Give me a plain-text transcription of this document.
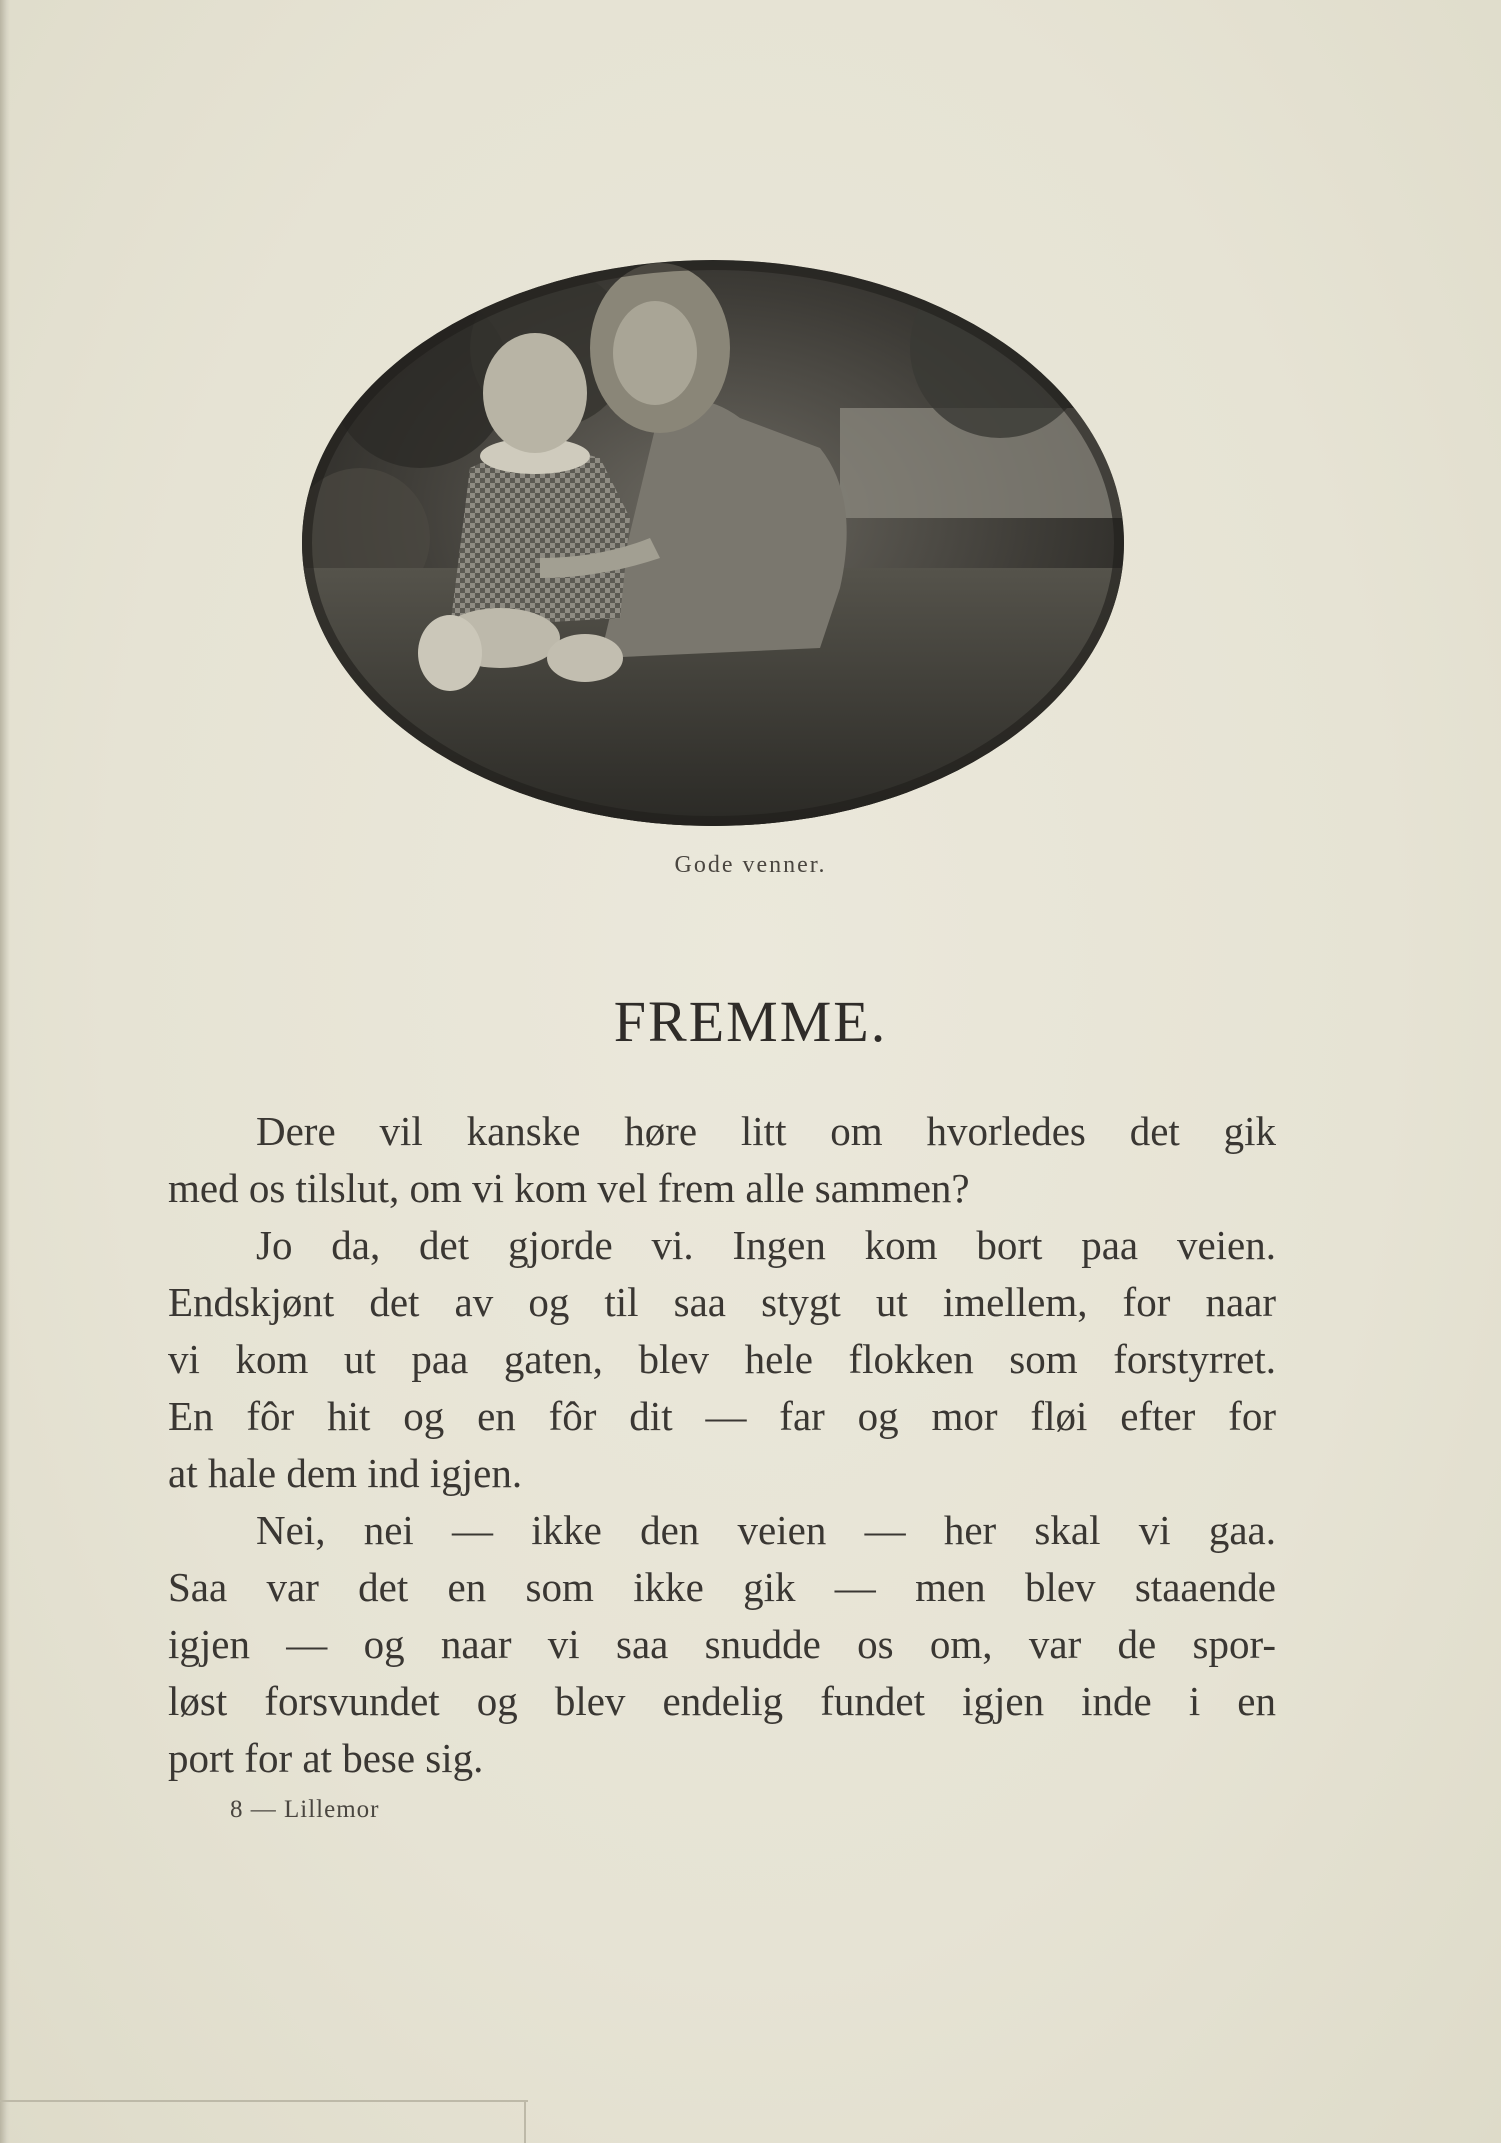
Gode venner.
FREMME.

Dere vil kanske høre litt om hvorledes det gik
med os tilslut, om vi kom vel frem alle sammen?

Jo da, det gjorde vi. Ingen kom bort paa veien.
Endskjønt det av og til saa stygt ut imellem, for naar
vi kom ut paa gaten, blev hele flokken som forstyrret.
En fôr hit og en fôr dit — far og mor fløi efter for
at hale dem ind igjen.

Nei, nei — ikke den veien — her skal vi gaa.
Saa var det en som ikke gik — men blev staaende
igjen — og naar vi saa snudde os om, var de spor-
løst forsvundet og blev endelig fundet igjen inde i en
port for at bese sig.

8 — Lillemor
